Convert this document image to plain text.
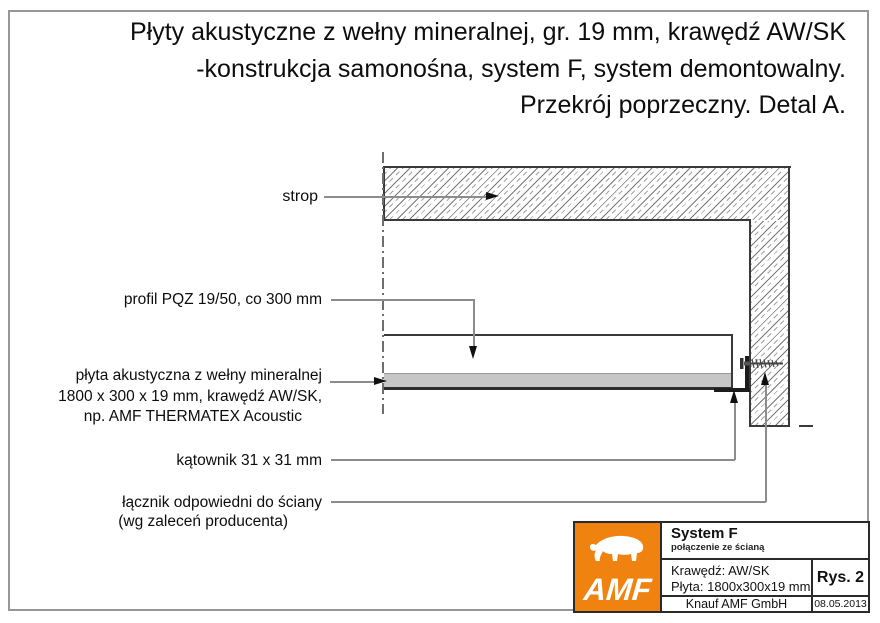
Płyty akustyczne z wełny mineralnej, gr. 19 mm, krawędź AW/SK
-konstrukcja samonośna, system F, system demontowalny.
Przekrój poprzeczny. Detal A.
strop
profil PQZ 19/50, co 300 mm
płyta akustyczna z wełny mineralnej
1800 x 300 x 19 mm, krawędź AW/SK,
np. AMF THERMATEX Acoustic
kątownik 31 x 31 mm
łącznik odpowiedni do ściany
(wg zaleceń producenta)
AMF
System F
połączenie ze ścianą
Krawędź: AW/SK
Płyta: 1800x300x19 mm
Rys. 2
Knauf AMF GmbH	08.05.2013
